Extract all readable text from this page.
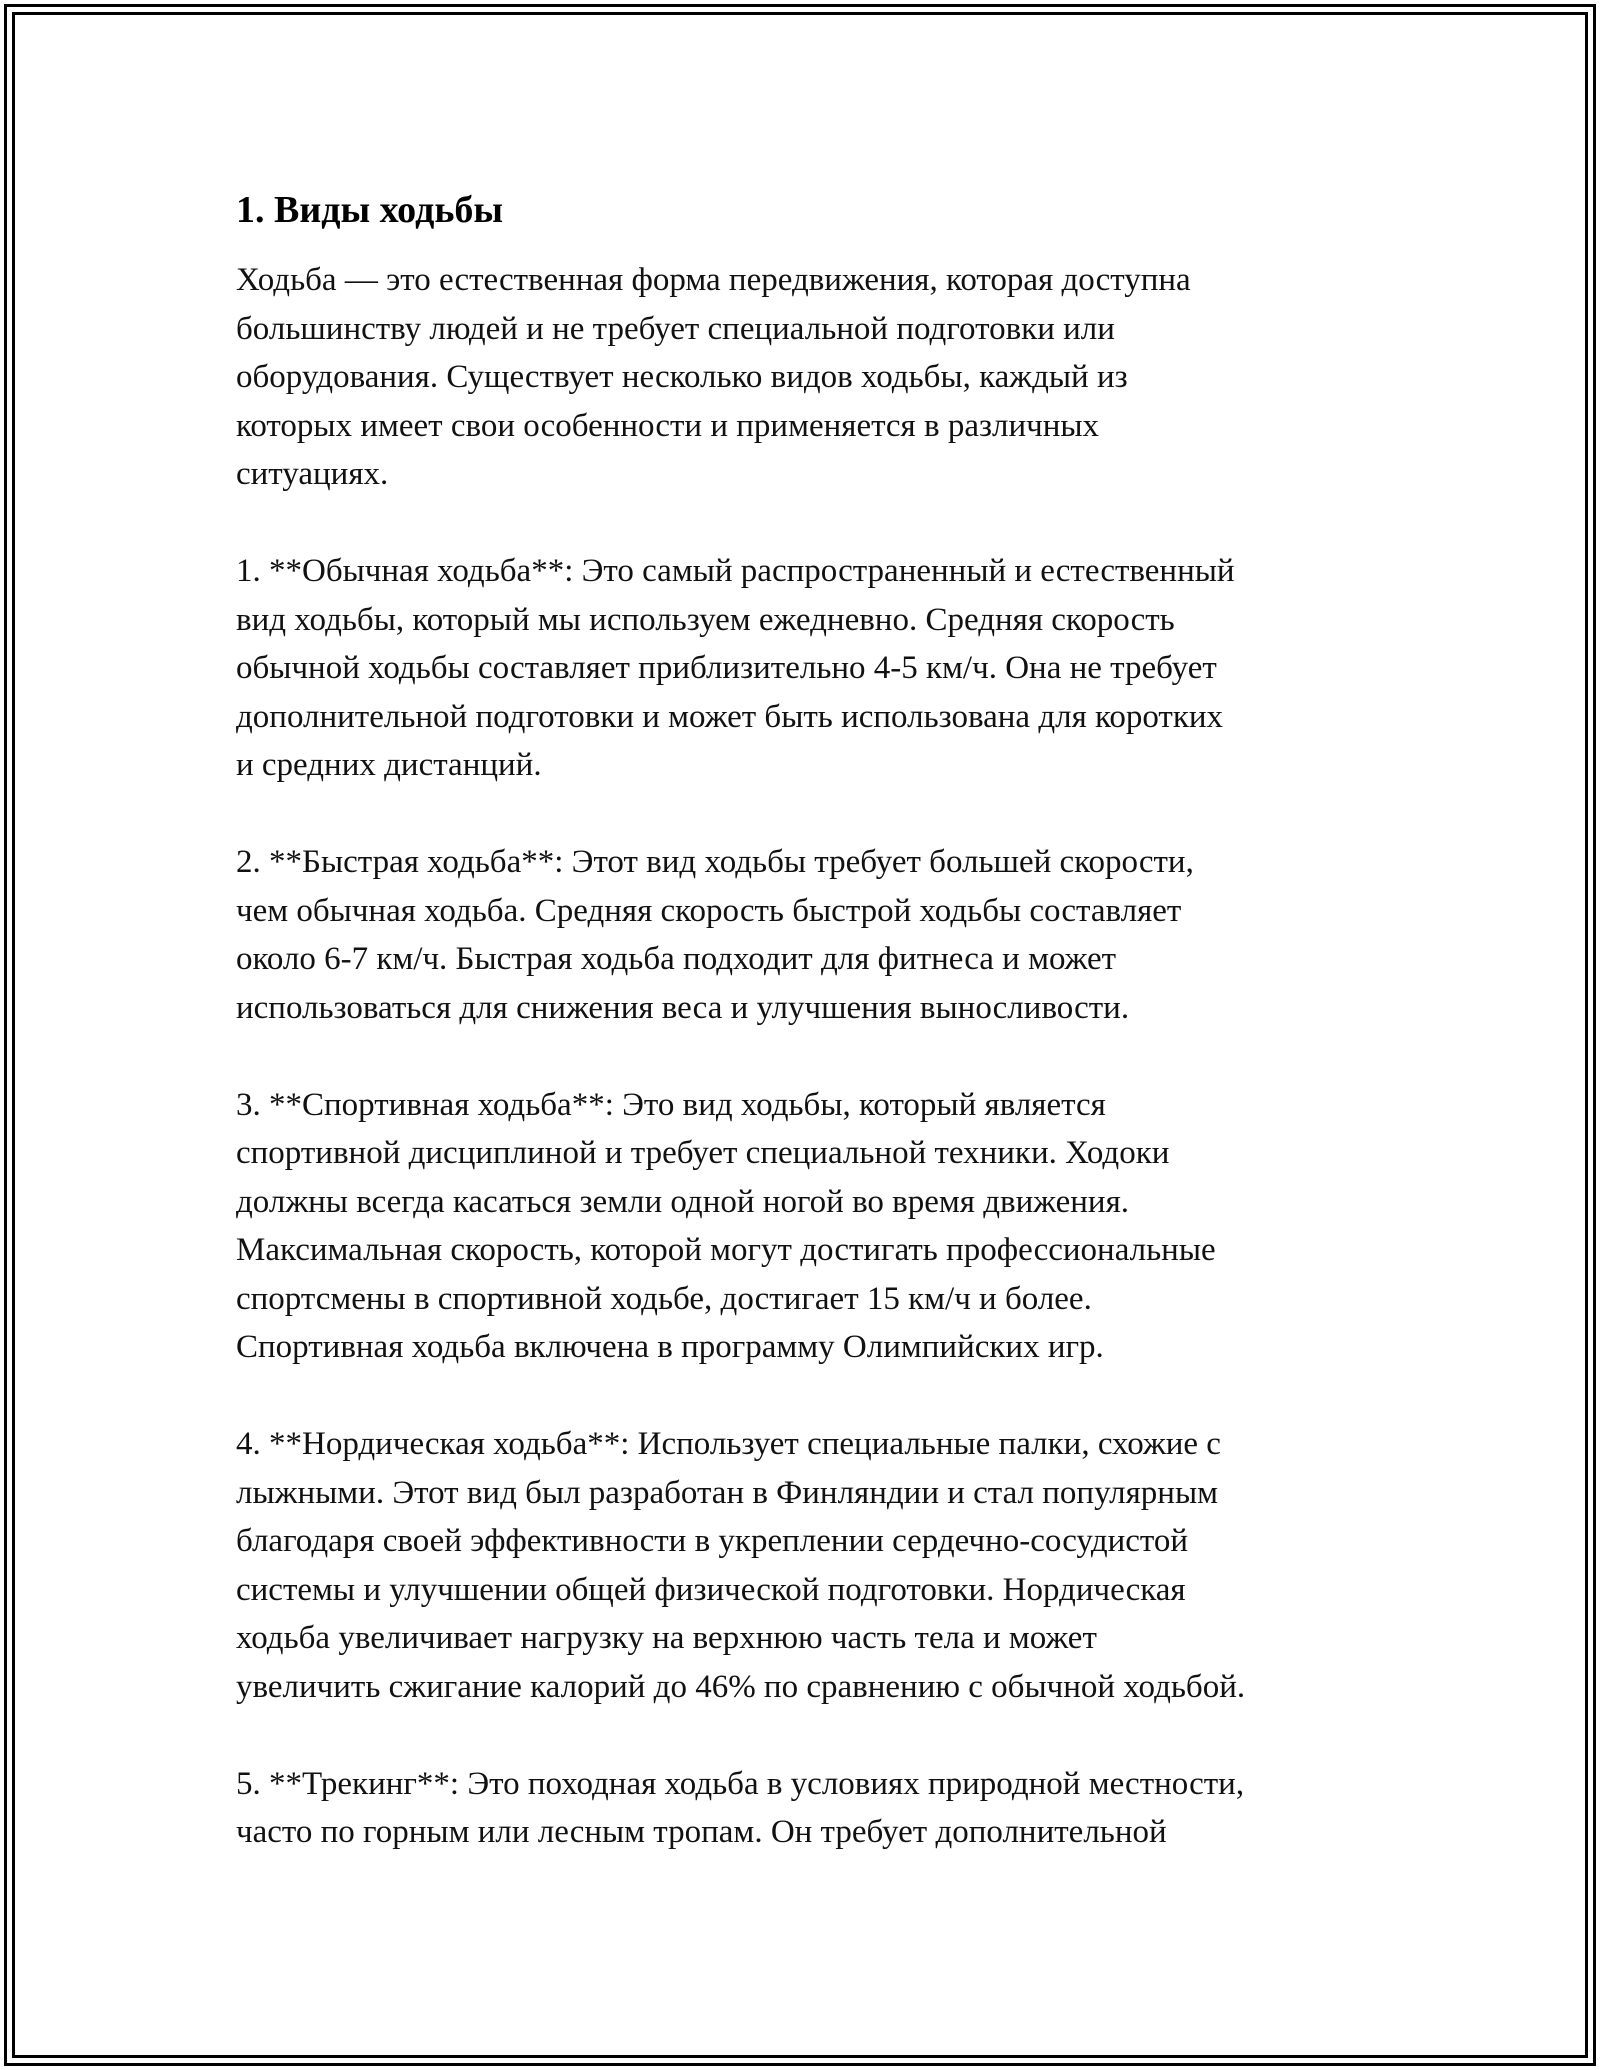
1. Виды ходьбы

Ходьба — это естественная форма передвижения, которая доступна
большинству людей и не требует специальной подготовки или
оборудования. Существует несколько видов ходьбы, каждый из
которых имеет свои особенности и применяется в различных
ситуациях.

1. **Обычная ходьба**: Это самый распространенный и естественный
вид ходьбы, который мы используем ежедневно. Средняя скорость
обычной ходьбы составляет приблизительно 4-5 км/ч. Она не требует
дополнительной подготовки и может быть использована для коротких
и средних дистанций.

2. **Быстрая ходьба**: Этот вид ходьбы требует большей скорости,
чем обычная ходьба. Средняя скорость быстрой ходьбы составляет
около 6-7 км/ч. Быстрая ходьба подходит для фитнеса и может
использоваться для снижения веса и улучшения выносливости.

3. **Спортивная ходьба**: Это вид ходьбы, который является
спортивной дисциплиной и требует специальной техники. Ходоки
должны всегда касаться земли одной ногой во время движения.
Максимальная скорость, которой могут достигать профессиональные
спортсмены в спортивной ходьбе, достигает 15 км/ч и более.
Спортивная ходьба включена в программу Олимпийских игр.

4. **Нордическая ходьба**: Использует специальные палки, схожие с
лыжными. Этот вид был разработан в Финляндии и стал популярным
благодаря своей эффективности в укреплении сердечно-сосудистой
системы и улучшении общей физической подготовки. Нордическая
ходьба увеличивает нагрузку на верхнюю часть тела и может
увеличить сжигание калорий до 46% по сравнению с обычной ходьбой.

5. **Трекинг**: Это походная ходьба в условиях природной местности,
часто по горным или лесным тропам. Он требует дополнительной
